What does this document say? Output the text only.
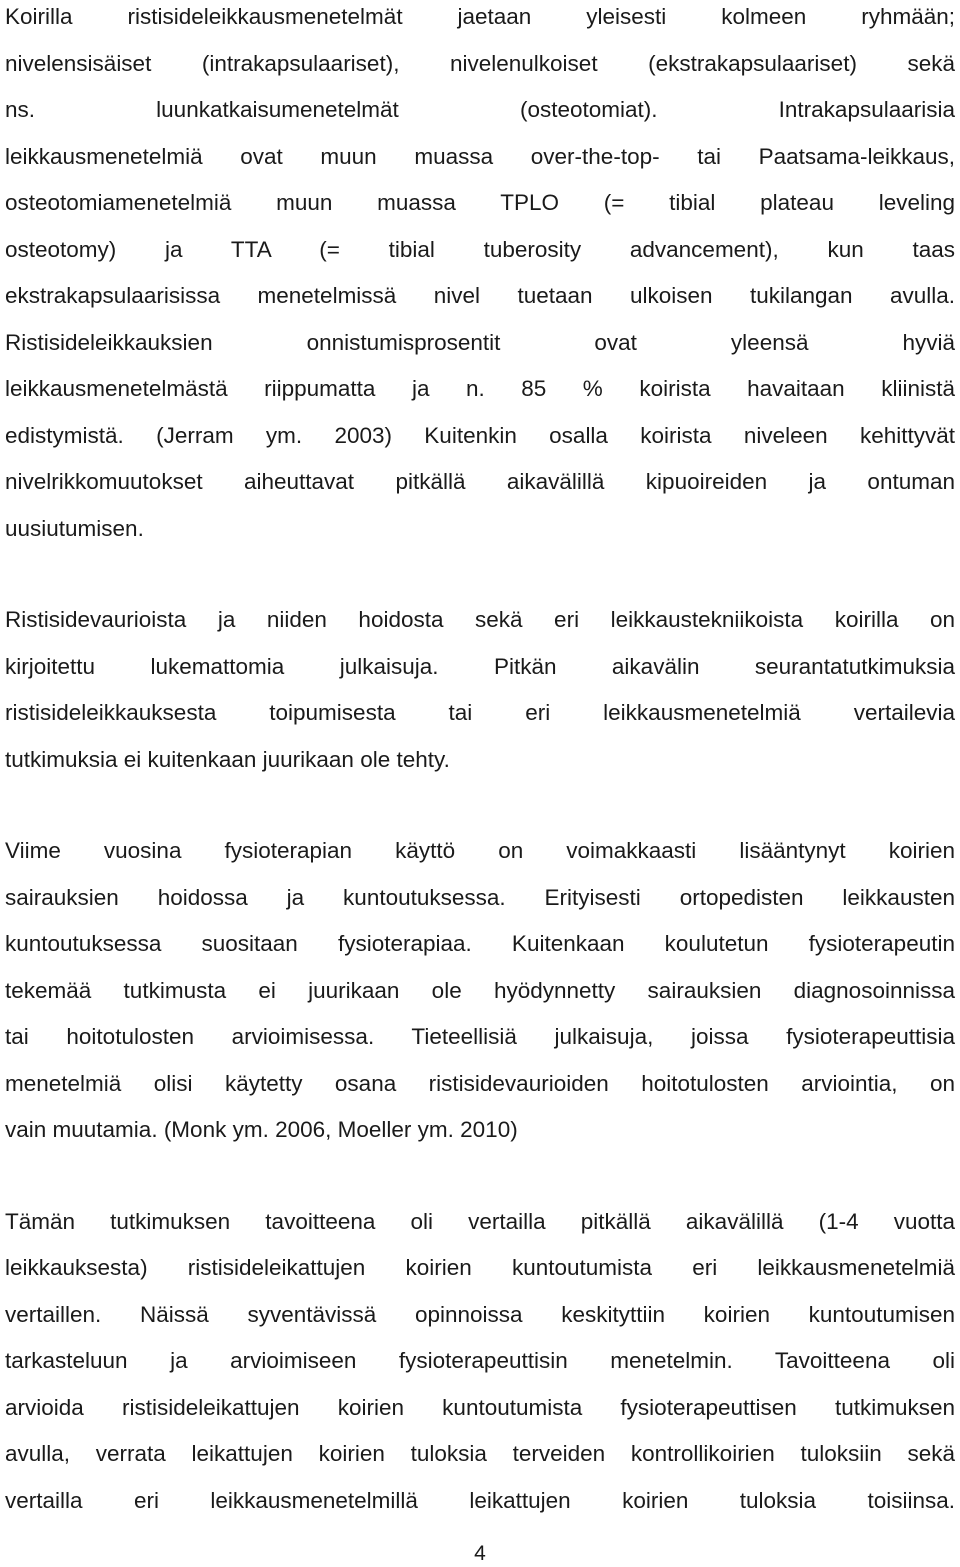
Koirilla ristisideleikkausmenetelmät jaetaan yleisesti kolmeen ryhmään;
nivelensisäiset (intrakapsulaariset), nivelenulkoiset (ekstrakapsulaariset) sekä
ns. luunkatkaisumenetelmät (osteotomiat). Intrakapsulaarisia
leikkausmenetelmiä ovat muun muassa over-the-top- tai Paatsama-leikkaus,
osteotomiamenetelmiä muun muassa TPLO (= tibial plateau leveling
osteotomy) ja TTA (= tibial tuberosity advancement), kun taas
ekstrakapsulaarisissa menetelmissä nivel tuetaan ulkoisen tukilangan avulla.
Ristisideleikkauksien onnistumisprosentit ovat yleensä hyviä
leikkausmenetelmästä riippumatta ja n. 85 % koirista havaitaan kliinistä
edistymistä. (Jerram ym. 2003) Kuitenkin osalla koirista niveleen kehittyvät
nivelrikkomuutokset aiheuttavat pitkällä aikavälillä kipuoireiden ja ontuman
uusiutumisen.
Ristisidevaurioista ja niiden hoidosta sekä eri leikkaustekniikoista koirilla on
kirjoitettu lukemattomia julkaisuja. Pitkän aikavälin seurantatutkimuksia
ristisideleikkauksesta toipumisesta tai eri leikkausmenetelmiä vertailevia
tutkimuksia ei kuitenkaan juurikaan ole tehty.
Viime vuosina fysioterapian käyttö on voimakkaasti lisääntynyt koirien
sairauksien hoidossa ja kuntoutuksessa. Erityisesti ortopedisten leikkausten
kuntoutuksessa suositaan fysioterapiaa. Kuitenkaan koulutetun fysioterapeutin
tekemää tutkimusta ei juurikaan ole hyödynnetty sairauksien diagnosoinnissa
tai hoitotulosten arvioimisessa. Tieteellisiä julkaisuja, joissa fysioterapeuttisia
menetelmiä olisi käytetty osana ristisidevaurioiden hoitotulosten arviointia, on
vain muutamia. (Monk ym. 2006, Moeller ym. 2010)
Tämän tutkimuksen tavoitteena oli vertailla pitkällä aikavälillä (1-4 vuotta
leikkauksesta) ristisideleikattujen koirien kuntoutumista eri leikkausmenetelmiä
vertaillen. Näissä syventävissä opinnoissa keskityttiin koirien kuntoutumisen
tarkasteluun ja arvioimiseen fysioterapeuttisin menetelmin. Tavoitteena oli
arvioida ristisideleikattujen koirien kuntoutumista fysioterapeuttisen tutkimuksen
avulla, verrata leikattujen koirien tuloksia terveiden kontrollikoirien tuloksiin sekä
vertailla eri leikkausmenetelmillä leikattujen koirien tuloksia toisiinsa.
4
